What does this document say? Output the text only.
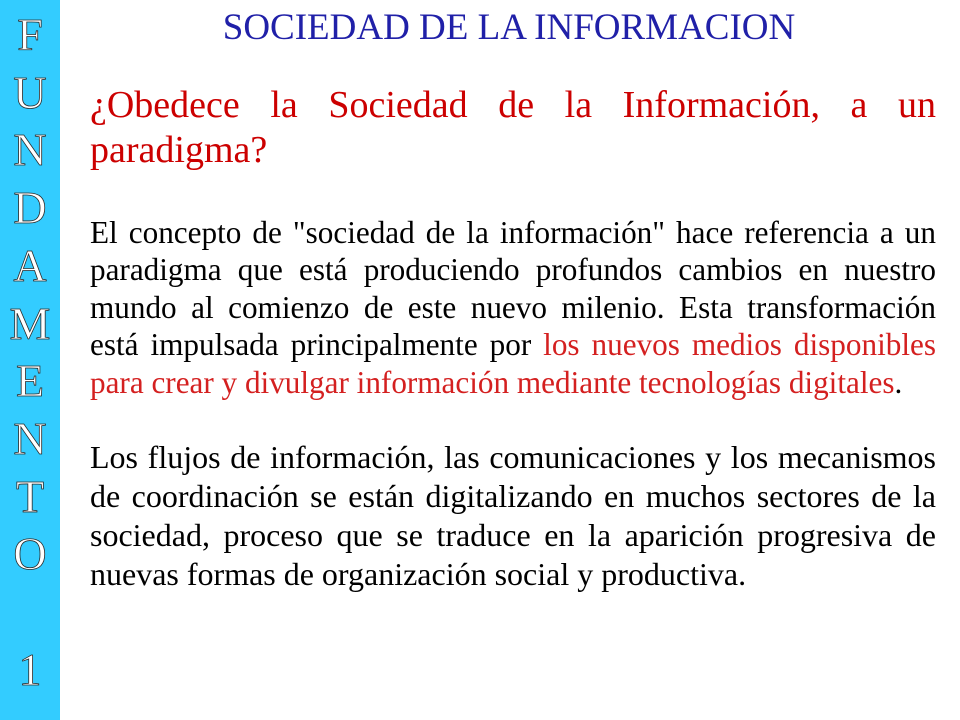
FUNDAMENTO
1
SOCIEDAD DE LA INFORMACION

¿Obedece la Sociedad de la Información, a un paradigma?

El concepto de "sociedad de la información" hace referencia a un paradigma que está produciendo profundos cambios en nuestro mundo al comienzo de este nuevo milenio. Esta transformación está impulsada principalmente por los nuevos medios disponibles para crear y divulgar información mediante tecnologías digitales.

Los flujos de información, las comunicaciones y los mecanismos de coordinación se están digitalizando en muchos sectores de la sociedad, proceso que se traduce en la aparición progresiva de nuevas formas de organización social y productiva.
